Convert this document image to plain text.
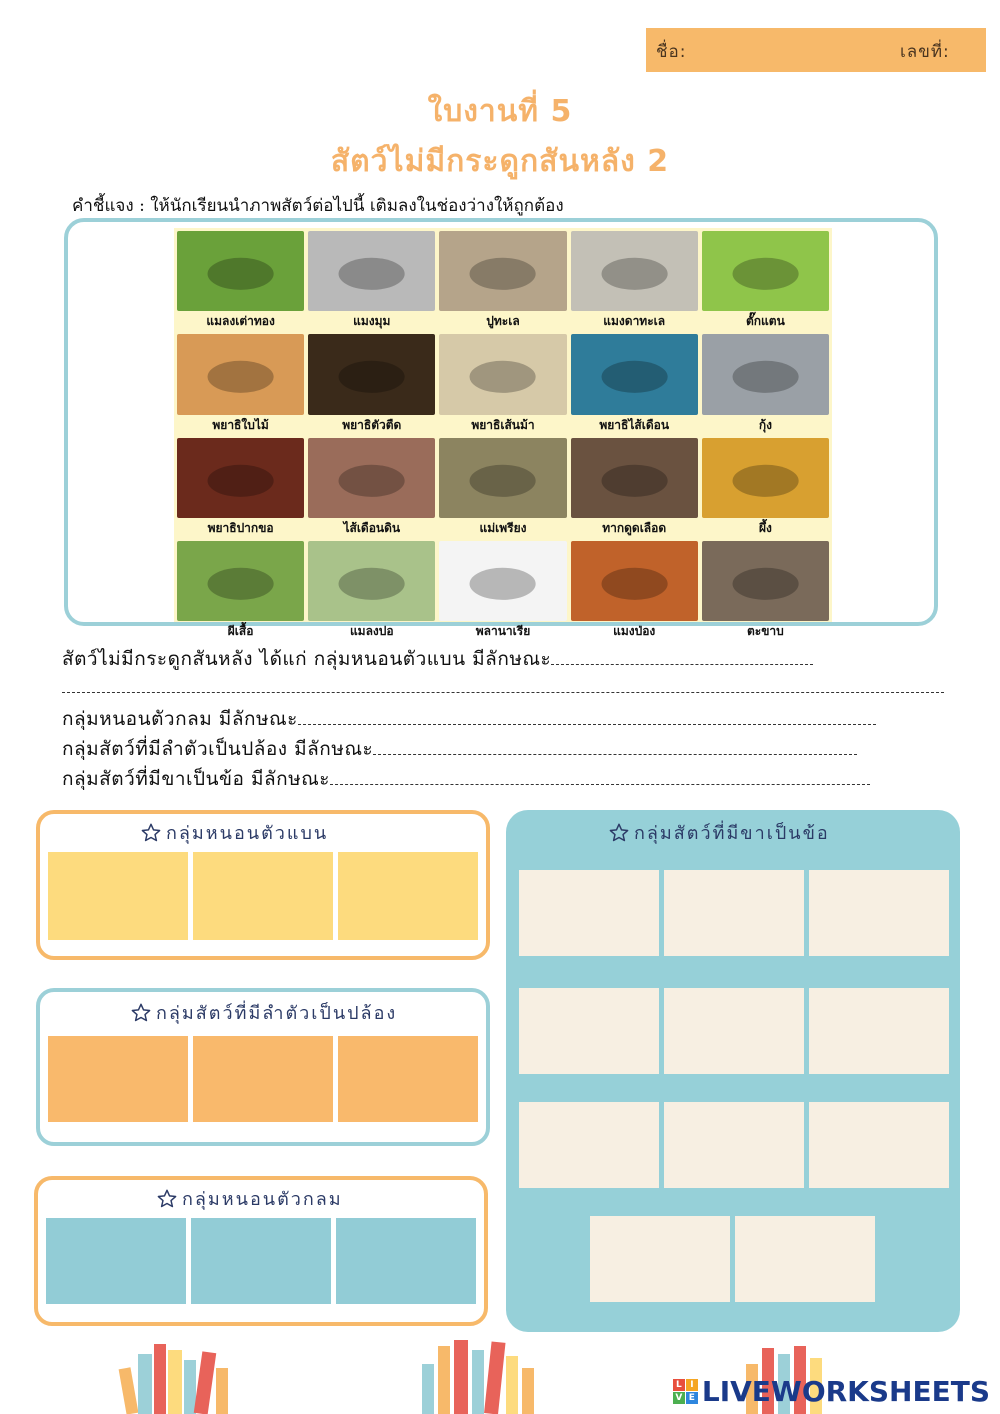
ชื่อ:	เลขที่:
ใบงานที่ 5
สัตว์ไม่มีกระดูกสันหลัง 2
คำชี้แจง : ให้นักเรียนนำภาพสัตว์ต่อไปนี้ เติมลงในช่องว่างให้ถูกต้อง
แมลงเต่าทอง	แมงมุม	ปูทะเล	แมงดาทะเล	ตั๊กแตน
พยาธิใบไม้	พยาธิตัวตืด	พยาธิเส้นม้า	พยาธิไส้เดือน	กุ้ง
พยาธิปากขอ	ไส้เดือนดิน	แม่เพรียง	ทากดูดเลือด	ผึ้ง
ผีเสื้อ	แมลงปอ	พลานาเรีย	แมงป่อง	ตะขาบ
สัตว์ไม่มีกระดูกสันหลัง ได้แก่ กลุ่มหนอนตัวแบน มีลักษณะ
กลุ่มหนอนตัวกลม มีลักษณะ
กลุ่มสัตว์ที่มีลำตัวเป็นปล้อง มีลักษณะ
กลุ่มสัตว์ที่มีขาเป็นข้อ มีลักษณะ
กลุ่มหนอนตัวแบน
กลุ่มสัตว์ที่มีลำตัวเป็นปล้อง
กลุ่มหนอนตัวกลม
กลุ่มสัตว์ที่มีขาเป็นข้อ
L I
V E LIVEWORKSHEETS
